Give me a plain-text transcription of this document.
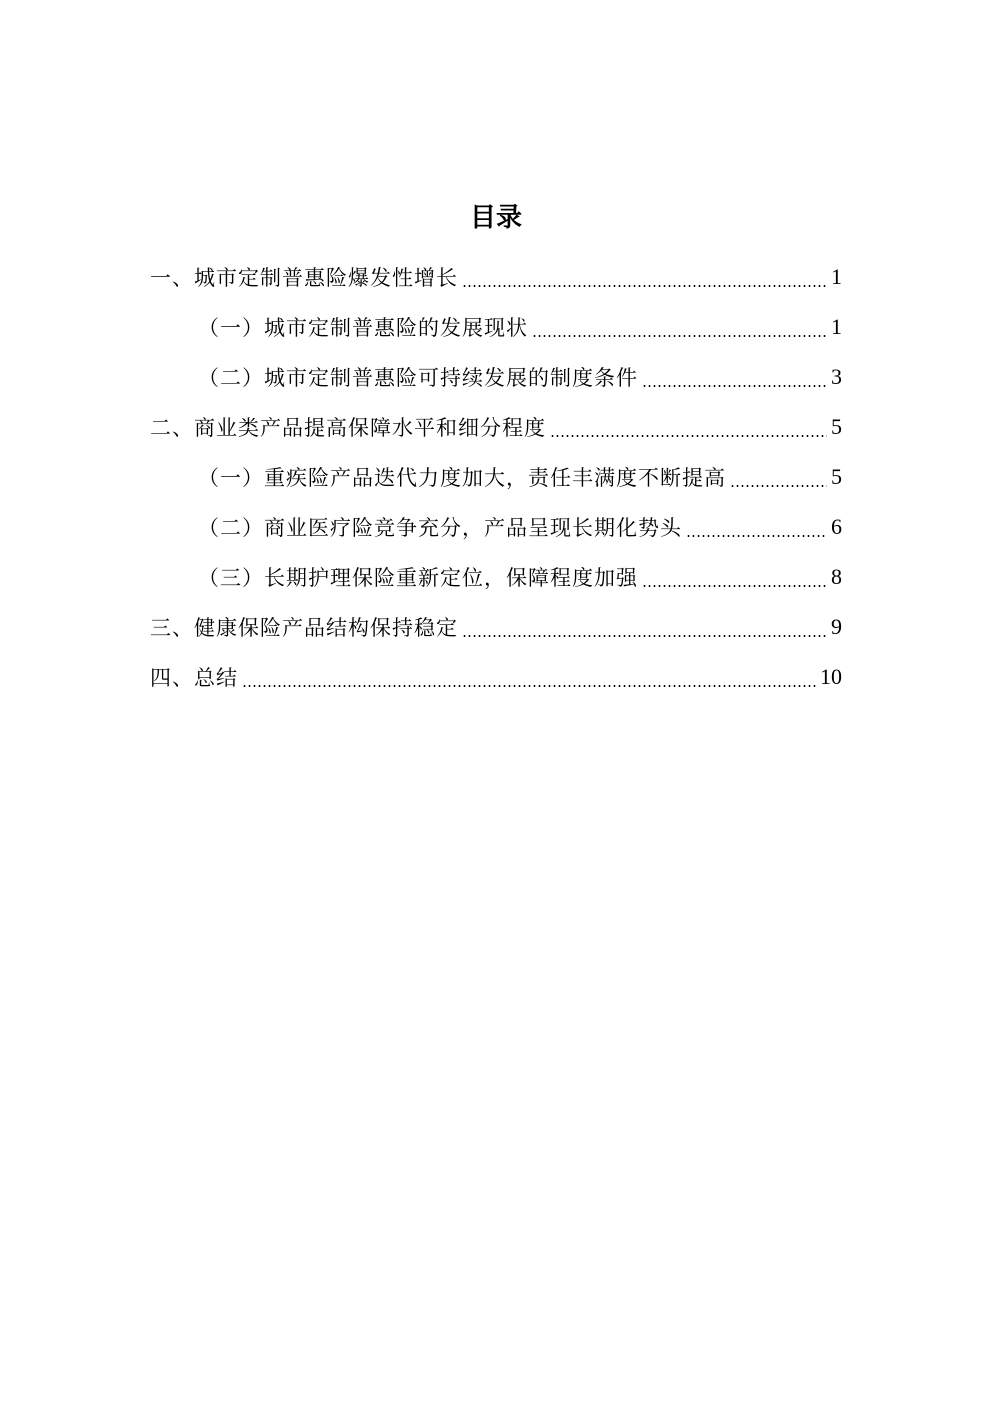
目录
一、城市定制普惠险爆发性增长	1
（一）城市定制普惠险的发展现状	1
（二）城市定制普惠险可持续发展的制度条件	3
二、商业类产品提高保障水平和细分程度	5
（一）重疾险产品迭代力度加大，责任丰满度不断提高	5
（二）商业医疗险竞争充分，产品呈现长期化势头	6
（三）长期护理保险重新定位，保障程度加强	8
三、健康保险产品结构保持稳定	9
四、总结	10
